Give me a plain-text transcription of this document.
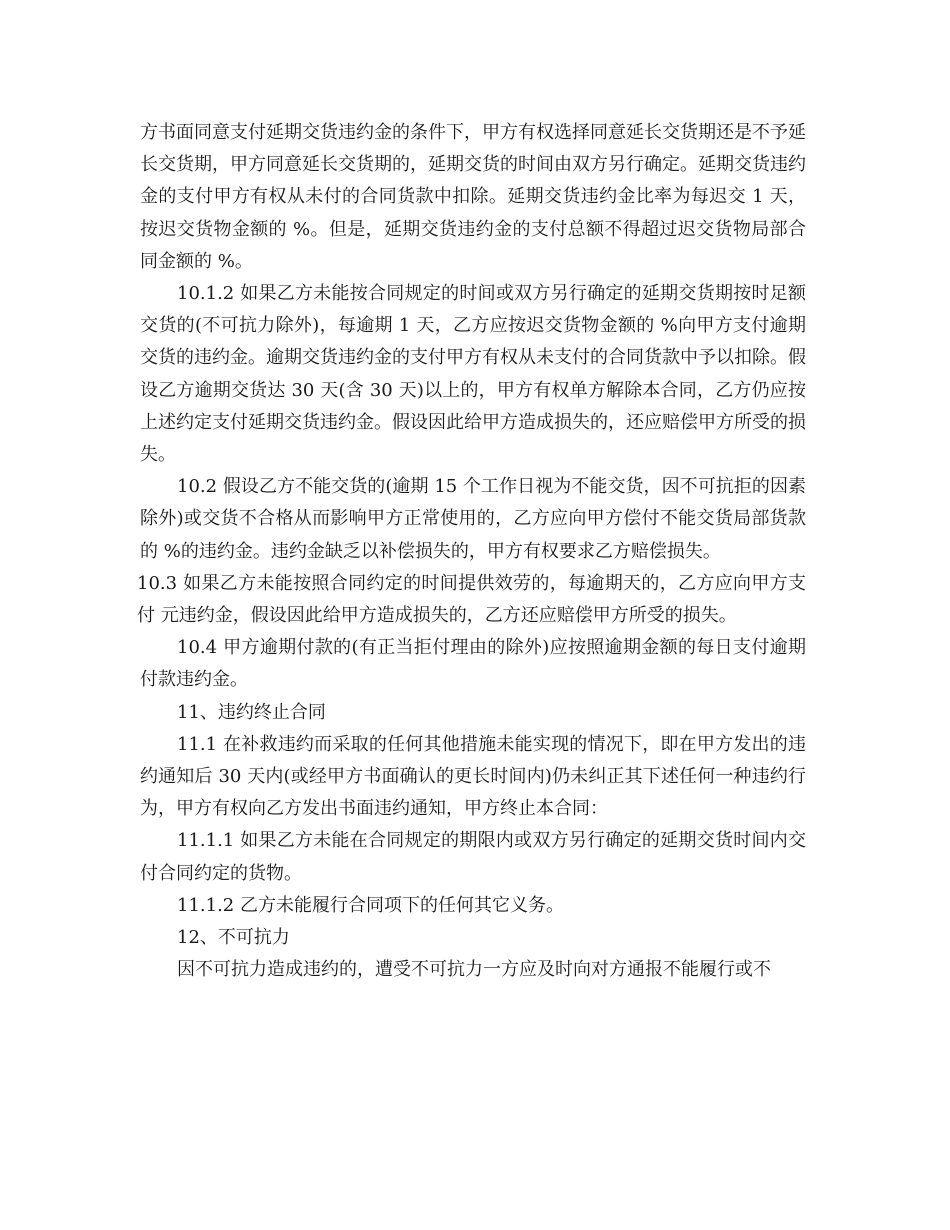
方书面同意支付延期交货违约金的条件下，甲方有权选择同意延长交货期还是不予延长交货期，甲方同意延长交货期的，延期交货的时间由双方另行确定。延期交货违约金的支付甲方有权从未付的合同货款中扣除。延期交货违约金比率为每迟交 1 天，按迟交货物金额的 %。但是，延期交货违约金的支付总额不得超过迟交货物局部合同金额的 %。

10.1.2 如果乙方未能按合同规定的时间或双方另行确定的延期交货期按时足额交货的(不可抗力除外)，每逾期 1 天，乙方应按迟交货物金额的 %向甲方支付逾期交货的违约金。逾期交货违约金的支付甲方有权从未支付的合同货款中予以扣除。假设乙方逾期交货达 30 天(含 30 天)以上的，甲方有权单方解除本合同，乙方仍应按上述约定支付延期交货违约金。假设因此给甲方造成损失的，还应赔偿甲方所受的损失。

10.2 假设乙方不能交货的(逾期 15 个工作日视为不能交货，因不可抗拒的因素除外)或交货不合格从而影响甲方正常使用的，乙方应向甲方偿付不能交货局部货款的 %的违约金。违约金缺乏以补偿损失的，甲方有权要求乙方赔偿损失。

10.3 如果乙方未能按照合同约定的时间提供效劳的，每逾期天的，乙方应向甲方支付 元违约金，假设因此给甲方造成损失的，乙方还应赔偿甲方所受的损失。

10.4 甲方逾期付款的(有正当拒付理由的除外)应按照逾期金额的每日支付逾期付款违约金。

11、违约终止合同

11.1 在补救违约而采取的任何其他措施未能实现的情况下，即在甲方发出的违约通知后 30 天内(或经甲方书面确认的更长时间内)仍未纠正其下述任何一种违约行为，甲方有权向乙方发出书面违约通知，甲方终止本合同：

11.1.1 如果乙方未能在合同规定的期限内或双方另行确定的延期交货时间内交付合同约定的货物。

11.1.2 乙方未能履行合同项下的任何其它义务。

12、不可抗力

因不可抗力造成违约的，遭受不可抗力一方应及时向对方通报不能履行或不
